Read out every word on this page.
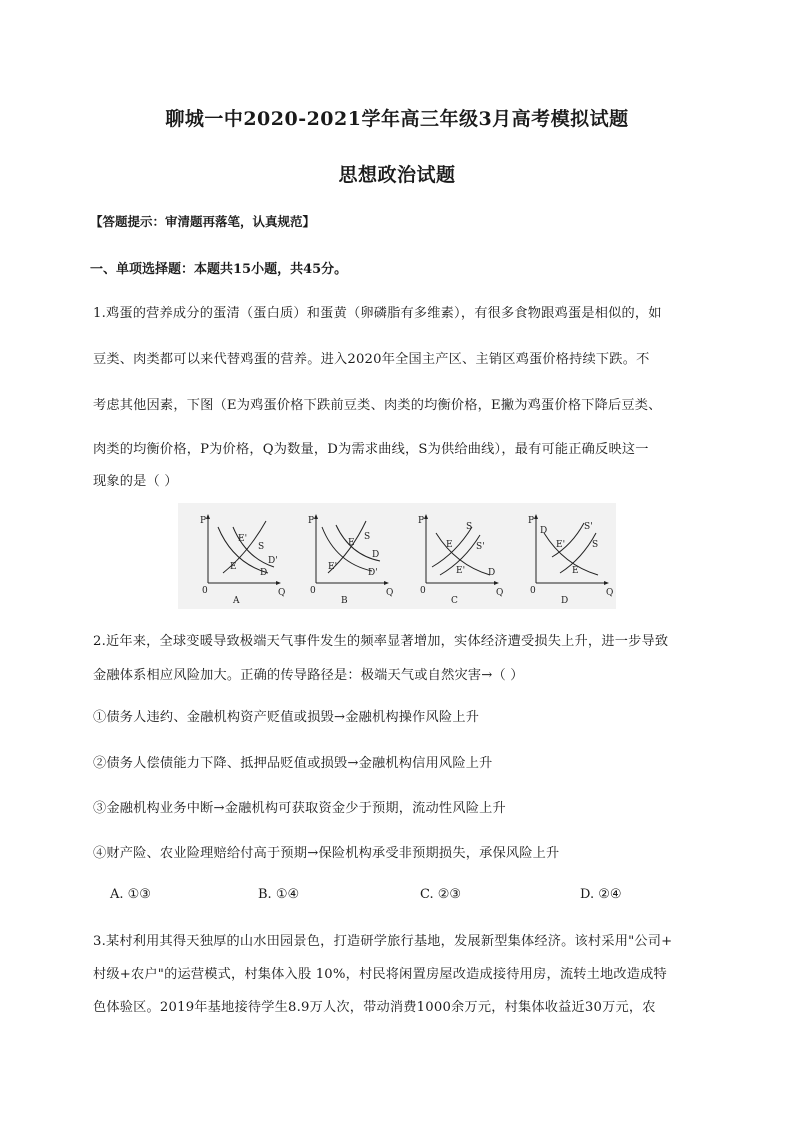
聊城一中2020-2021学年高三年级3月高考模拟试题
思想政治试题
【答题提示：审清题再落笔，认真规范】
一、单项选择题：本题共15小题，共45分。
1.鸡蛋的营养成分的蛋清（蛋白质）和蛋黄（卵磷脂有多维素），有很多食物跟鸡蛋是相似的，如
豆类、肉类都可以来代替鸡蛋的营养。进入2020年全国主产区、主销区鸡蛋价格持续下跌。不
考虑其他因素，下图（E为鸡蛋价格下跌前豆类、肉类的均衡价格，E撇为鸡蛋价格下降后豆类、
肉类的均衡价格，P为价格，Q为数量，D为需求曲线，S为供给曲线），最有可能正确反映这一
现象的是（ ）
P
Q
0
E'
S
D'
E
D
A
P
Q
0
S
E
D
E'
D'
B
P
Q
0
S
E	S'
D
E'
C
P
Q
0
D	S'
E'	S
E
D
2.近年来，全球变暖导致极端天气事件发生的频率显著增加，实体经济遭受损失上升，进一步导致
金融体系相应风险加大。正确的传导路径是：极端天气或自然灾害→（ ）
①债务人违约、金融机构资产贬值或损毁→金融机构操作风险上升
②债务人偿债能力下降、抵押品贬值或损毁→金融机构信用风险上升
③金融机构业务中断→金融机构可获取资金少于预期，流动性风险上升
④财产险、农业险理赔给付高于预期→保险机构承受非预期损失，承保风险上升
A. ①③	B. ①④	C. ②③	D. ②④
3.某村利用其得天独厚的山水田园景色，打造研学旅行基地，发展新型集体经济。该村采用"公司+
村级+农户"的运营模式，村集体入股 10%，村民将闲置房屋改造成接待用房，流转土地改造成特
色体验区。2019年基地接待学生8.9万人次，带动消费1000余万元，村集体收益近30万元，农
